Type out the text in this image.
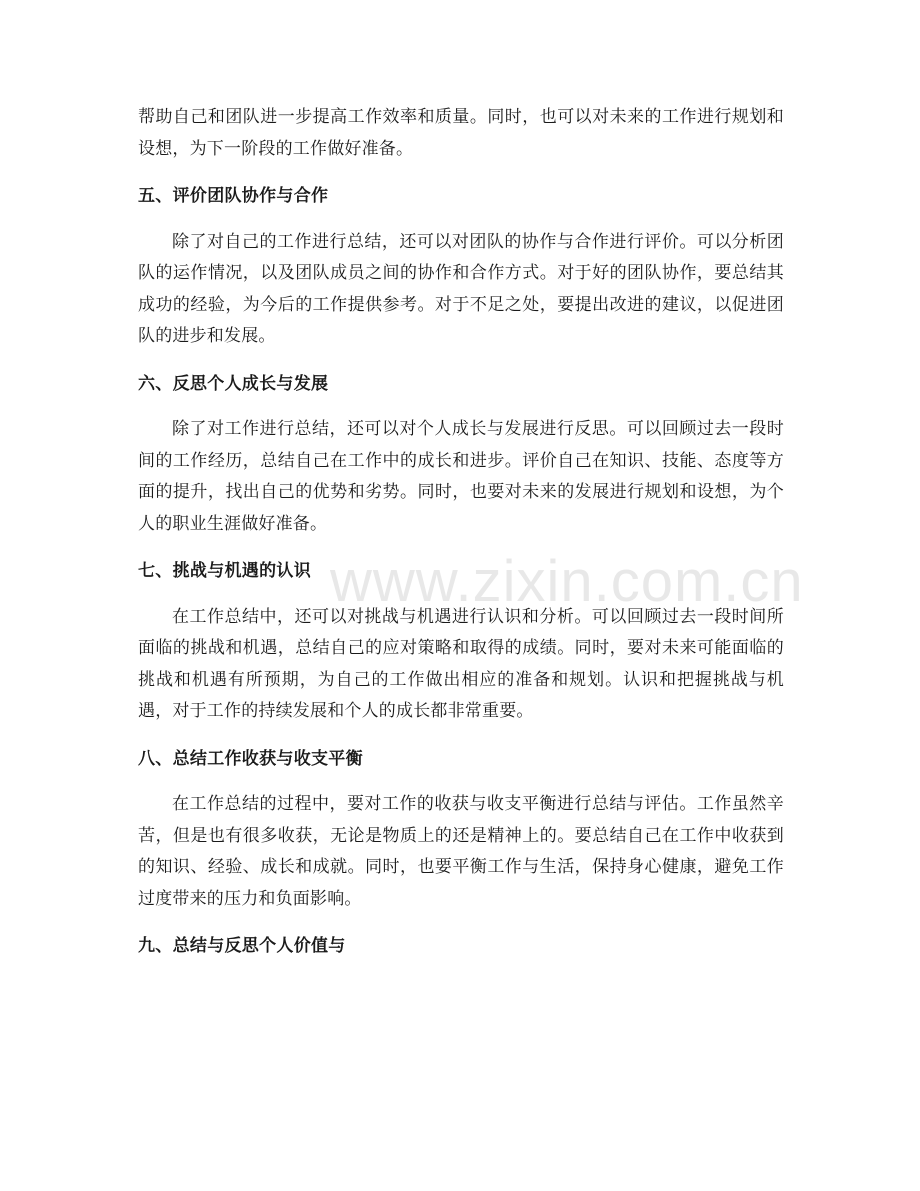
帮助自己和团队进一步提高工作效率和质量。同时，也可以对未来的工作进行规划和设想，为下一阶段的工作做好准备。

五、评价团队协作与合作

除了对自己的工作进行总结，还可以对团队的协作与合作进行评价。可以分析团队的运作情况，以及团队成员之间的协作和合作方式。对于好的团队协作，要总结其成功的经验，为今后的工作提供参考。对于不足之处，要提出改进的建议，以促进团队的进步和发展。

六、反思个人成长与发展

除了对工作进行总结，还可以对个人成长与发展进行反思。可以回顾过去一段时间的工作经历，总结自己在工作中的成长和进步。评价自己在知识、技能、态度等方面的提升，找出自己的优势和劣势。同时，也要对未来的发展进行规划和设想，为个人的职业生涯做好准备。

七、挑战与机遇的认识

在工作总结中，还可以对挑战与机遇进行认识和分析。可以回顾过去一段时间所面临的挑战和机遇，总结自己的应对策略和取得的成绩。同时，要对未来可能面临的挑战和机遇有所预期，为自己的工作做出相应的准备和规划。认识和把握挑战与机遇，对于工作的持续发展和个人的成长都非常重要。

八、总结工作收获与收支平衡

在工作总结的过程中，要对工作的收获与收支平衡进行总结与评估。工作虽然辛苦，但是也有很多收获，无论是物质上的还是精神上的。要总结自己在工作中收获到的知识、经验、成长和成就。同时，也要平衡工作与生活，保持身心健康，避免工作过度带来的压力和负面影响。

九、总结与反思个人价值与
www.zixin.com.cn
